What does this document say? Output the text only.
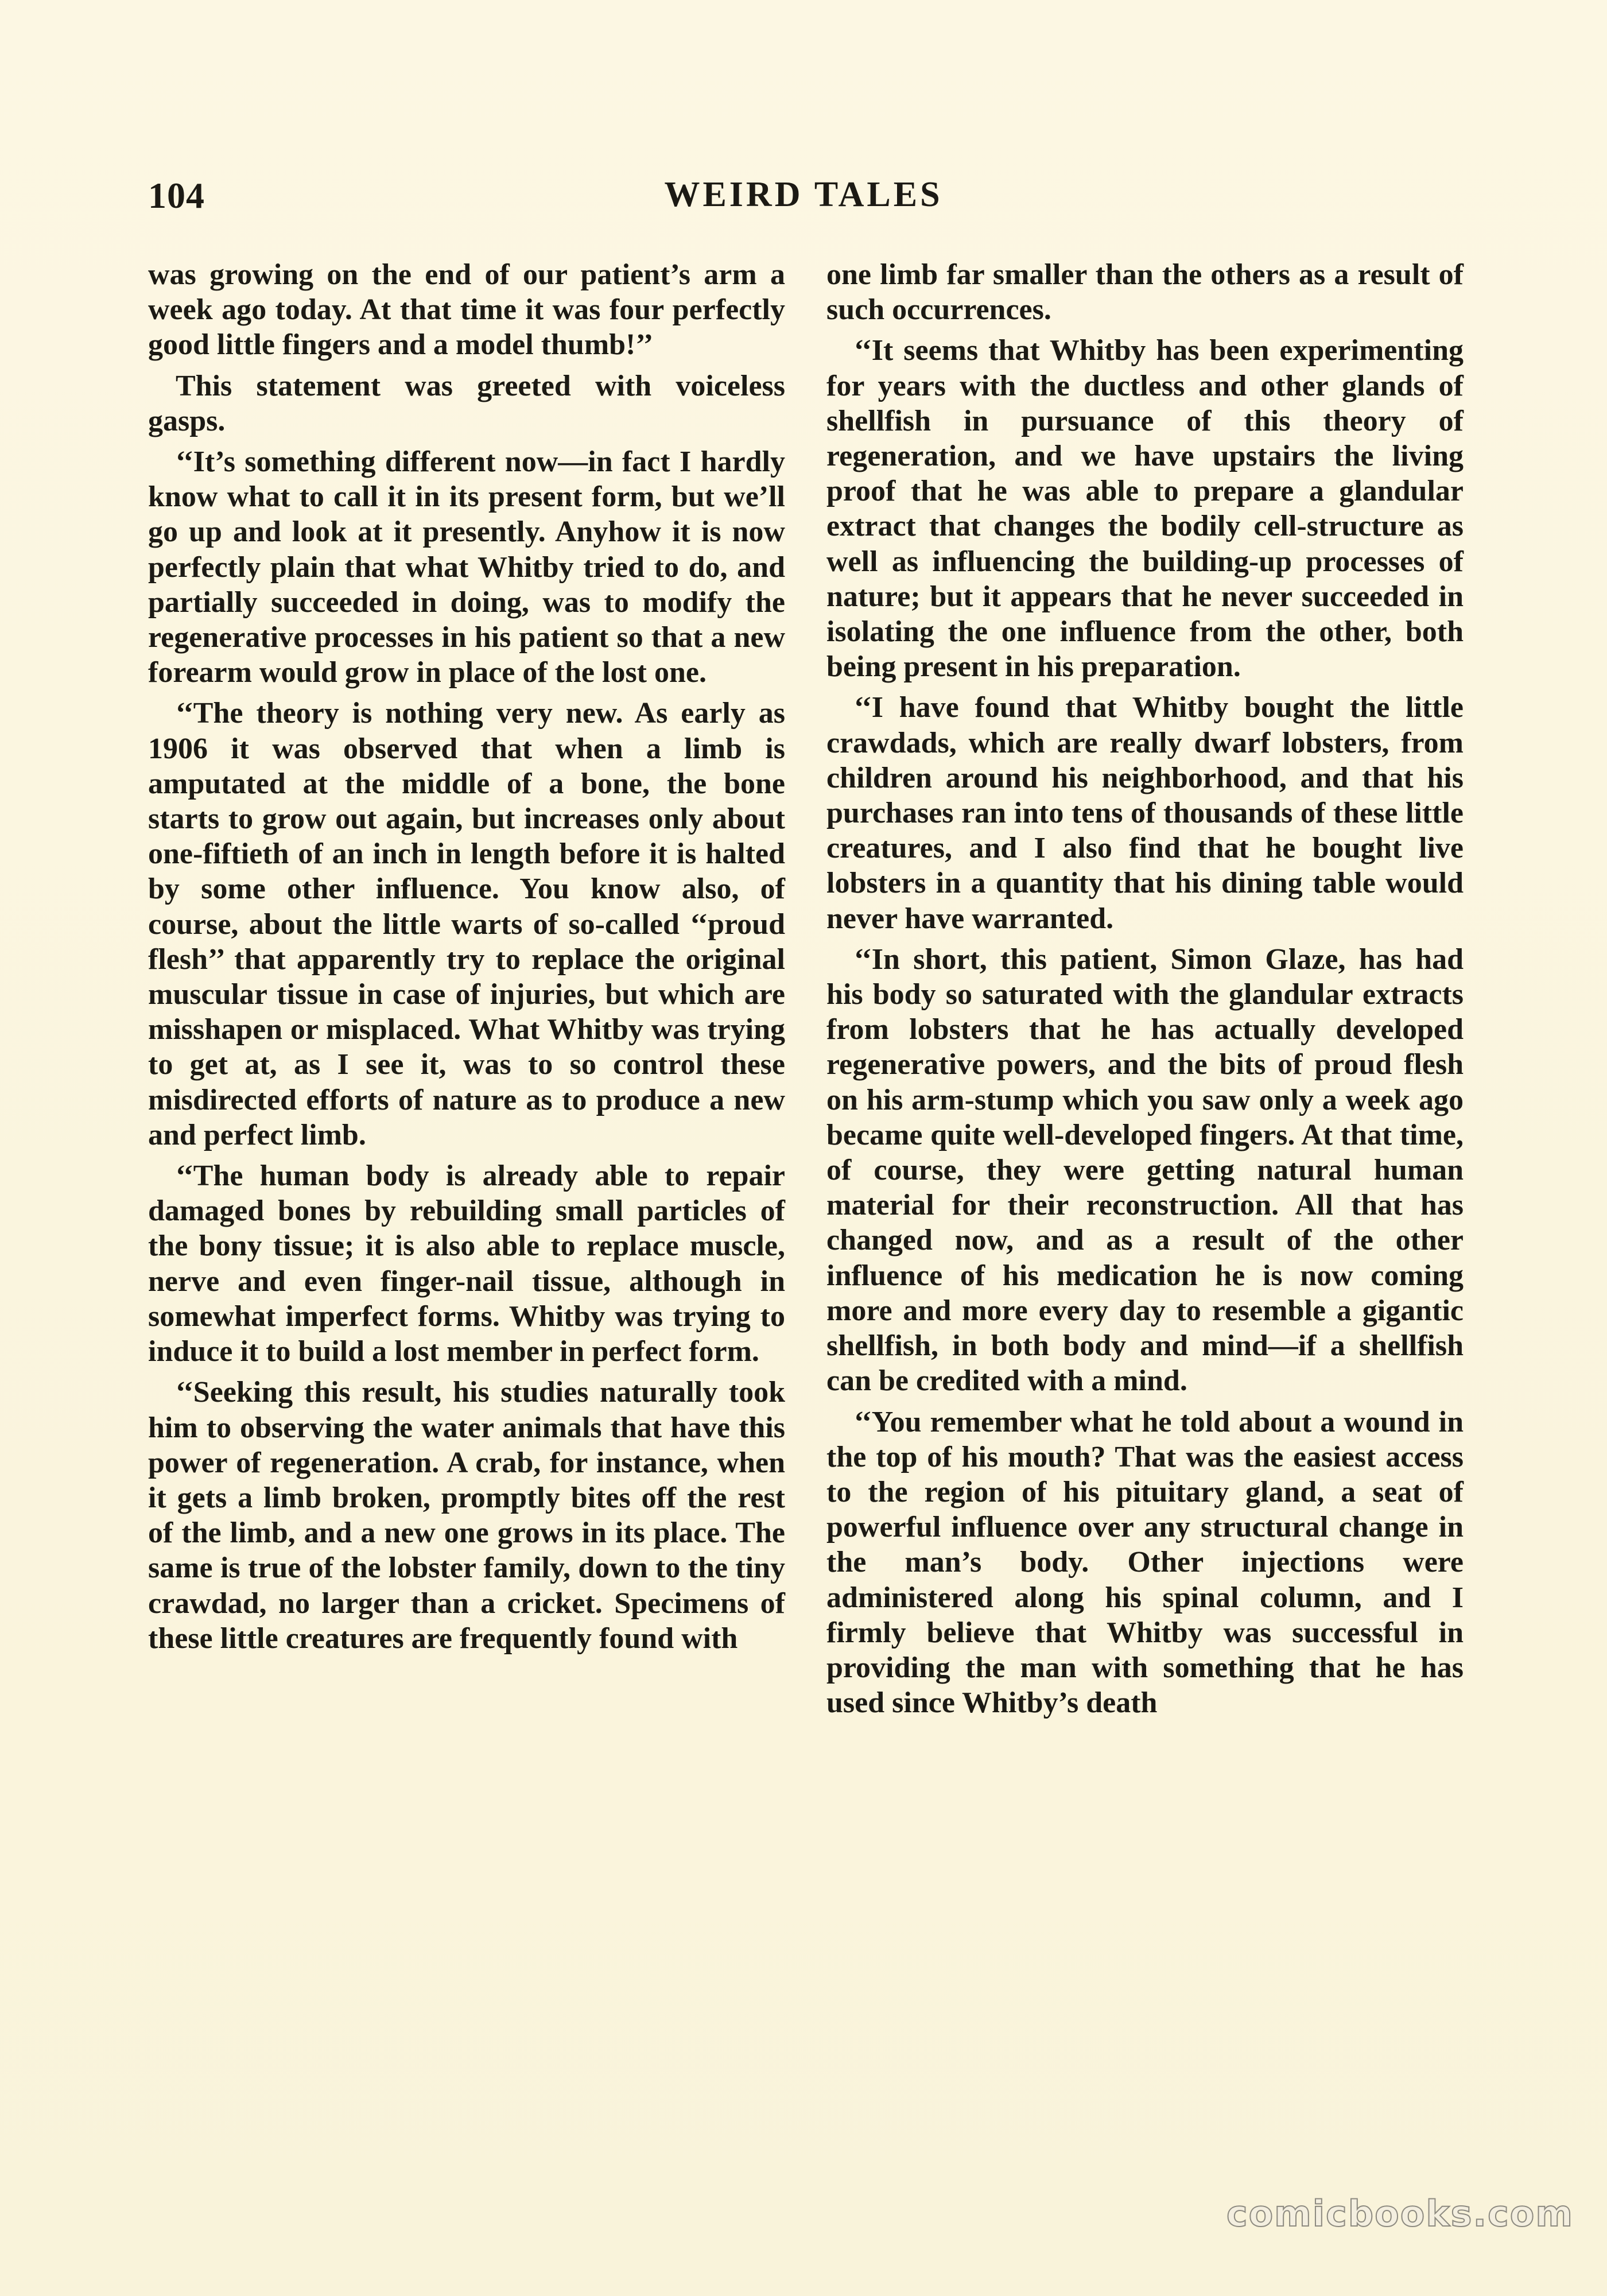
104	WEIRD TALES

was growing on the end of our patient’s arm a week ago today. At that time it was four perfectly good little fingers and a model thumb!’’

This statement was greeted with voiceless gasps.

‘‘It’s something different now—in fact I hardly know what to call it in its present form, but we’ll go up and look at it presently. Anyhow it is now perfectly plain that what Whitby tried to do, and partially succeeded in doing, was to modify the regenerative processes in his patient so that a new forearm would grow in place of the lost one.

‘‘The theory is nothing very new. As early as 1906 it was observed that when a limb is amputated at the middle of a bone, the bone starts to grow out again, but increases only about one-fiftieth of an inch in length before it is halted by some other influence. You know also, of course, about the little warts of so-called ‘‘proud flesh’’ that apparently try to replace the original muscular tissue in case of injuries, but which are misshapen or misplaced. What Whitby was trying to get at, as I see it, was to so control these misdirected efforts of nature as to produce a new and perfect limb.

‘‘The human body is already able to repair damaged bones by rebuilding small particles of the bony tissue; it is also able to replace muscle, nerve and even finger-nail tissue, although in somewhat imperfect forms. Whitby was trying to induce it to build a lost member in perfect form.

‘‘Seeking this result, his studies naturally took him to observing the water animals that have this power of regeneration. A crab, for instance, when it gets a limb broken, promptly bites off the rest of the limb, and a new one grows in its place. The same is true of the lobster family, down to the tiny crawdad, no larger than a cricket. Specimens of these little creatures are frequently found with

one limb far smaller than the others as a result of such occurrences.

‘‘It seems that Whitby has been experimenting for years with the ductless and other glands of shellfish in pursuance of this theory of regeneration, and we have upstairs the living proof that he was able to prepare a glandular extract that changes the bodily cell-structure as well as influencing the building-up processes of nature; but it appears that he never succeeded in isolating the one influence from the other, both being present in his preparation.

‘‘I have found that Whitby bought the little crawdads, which are really dwarf lobsters, from children around his neighborhood, and that his purchases ran into tens of thousands of these little creatures, and I also find that he bought live lobsters in a quantity that his dining table would never have warranted.

‘‘In short, this patient, Simon Glaze, has had his body so saturated with the glandular extracts from lobsters that he has actually developed regenerative powers, and the bits of proud flesh on his arm-stump which you saw only a week ago became quite well-developed fingers. At that time, of course, they were getting natural human material for their reconstruction. All that has changed now, and as a result of the other influence of his medication he is now coming more and more every day to resemble a gigantic shellfish, in both body and mind—if a shellfish can be credited with a mind.

‘‘You remember what he told about a wound in the top of his mouth? That was the easiest access to the region of his pituitary gland, a seat of powerful influence over any structural change in the man’s body. Other injections were administered along his spinal column, and I firmly believe that Whitby was successful in providing the man with something that he has used since Whitby’s death

comicbooks.com
